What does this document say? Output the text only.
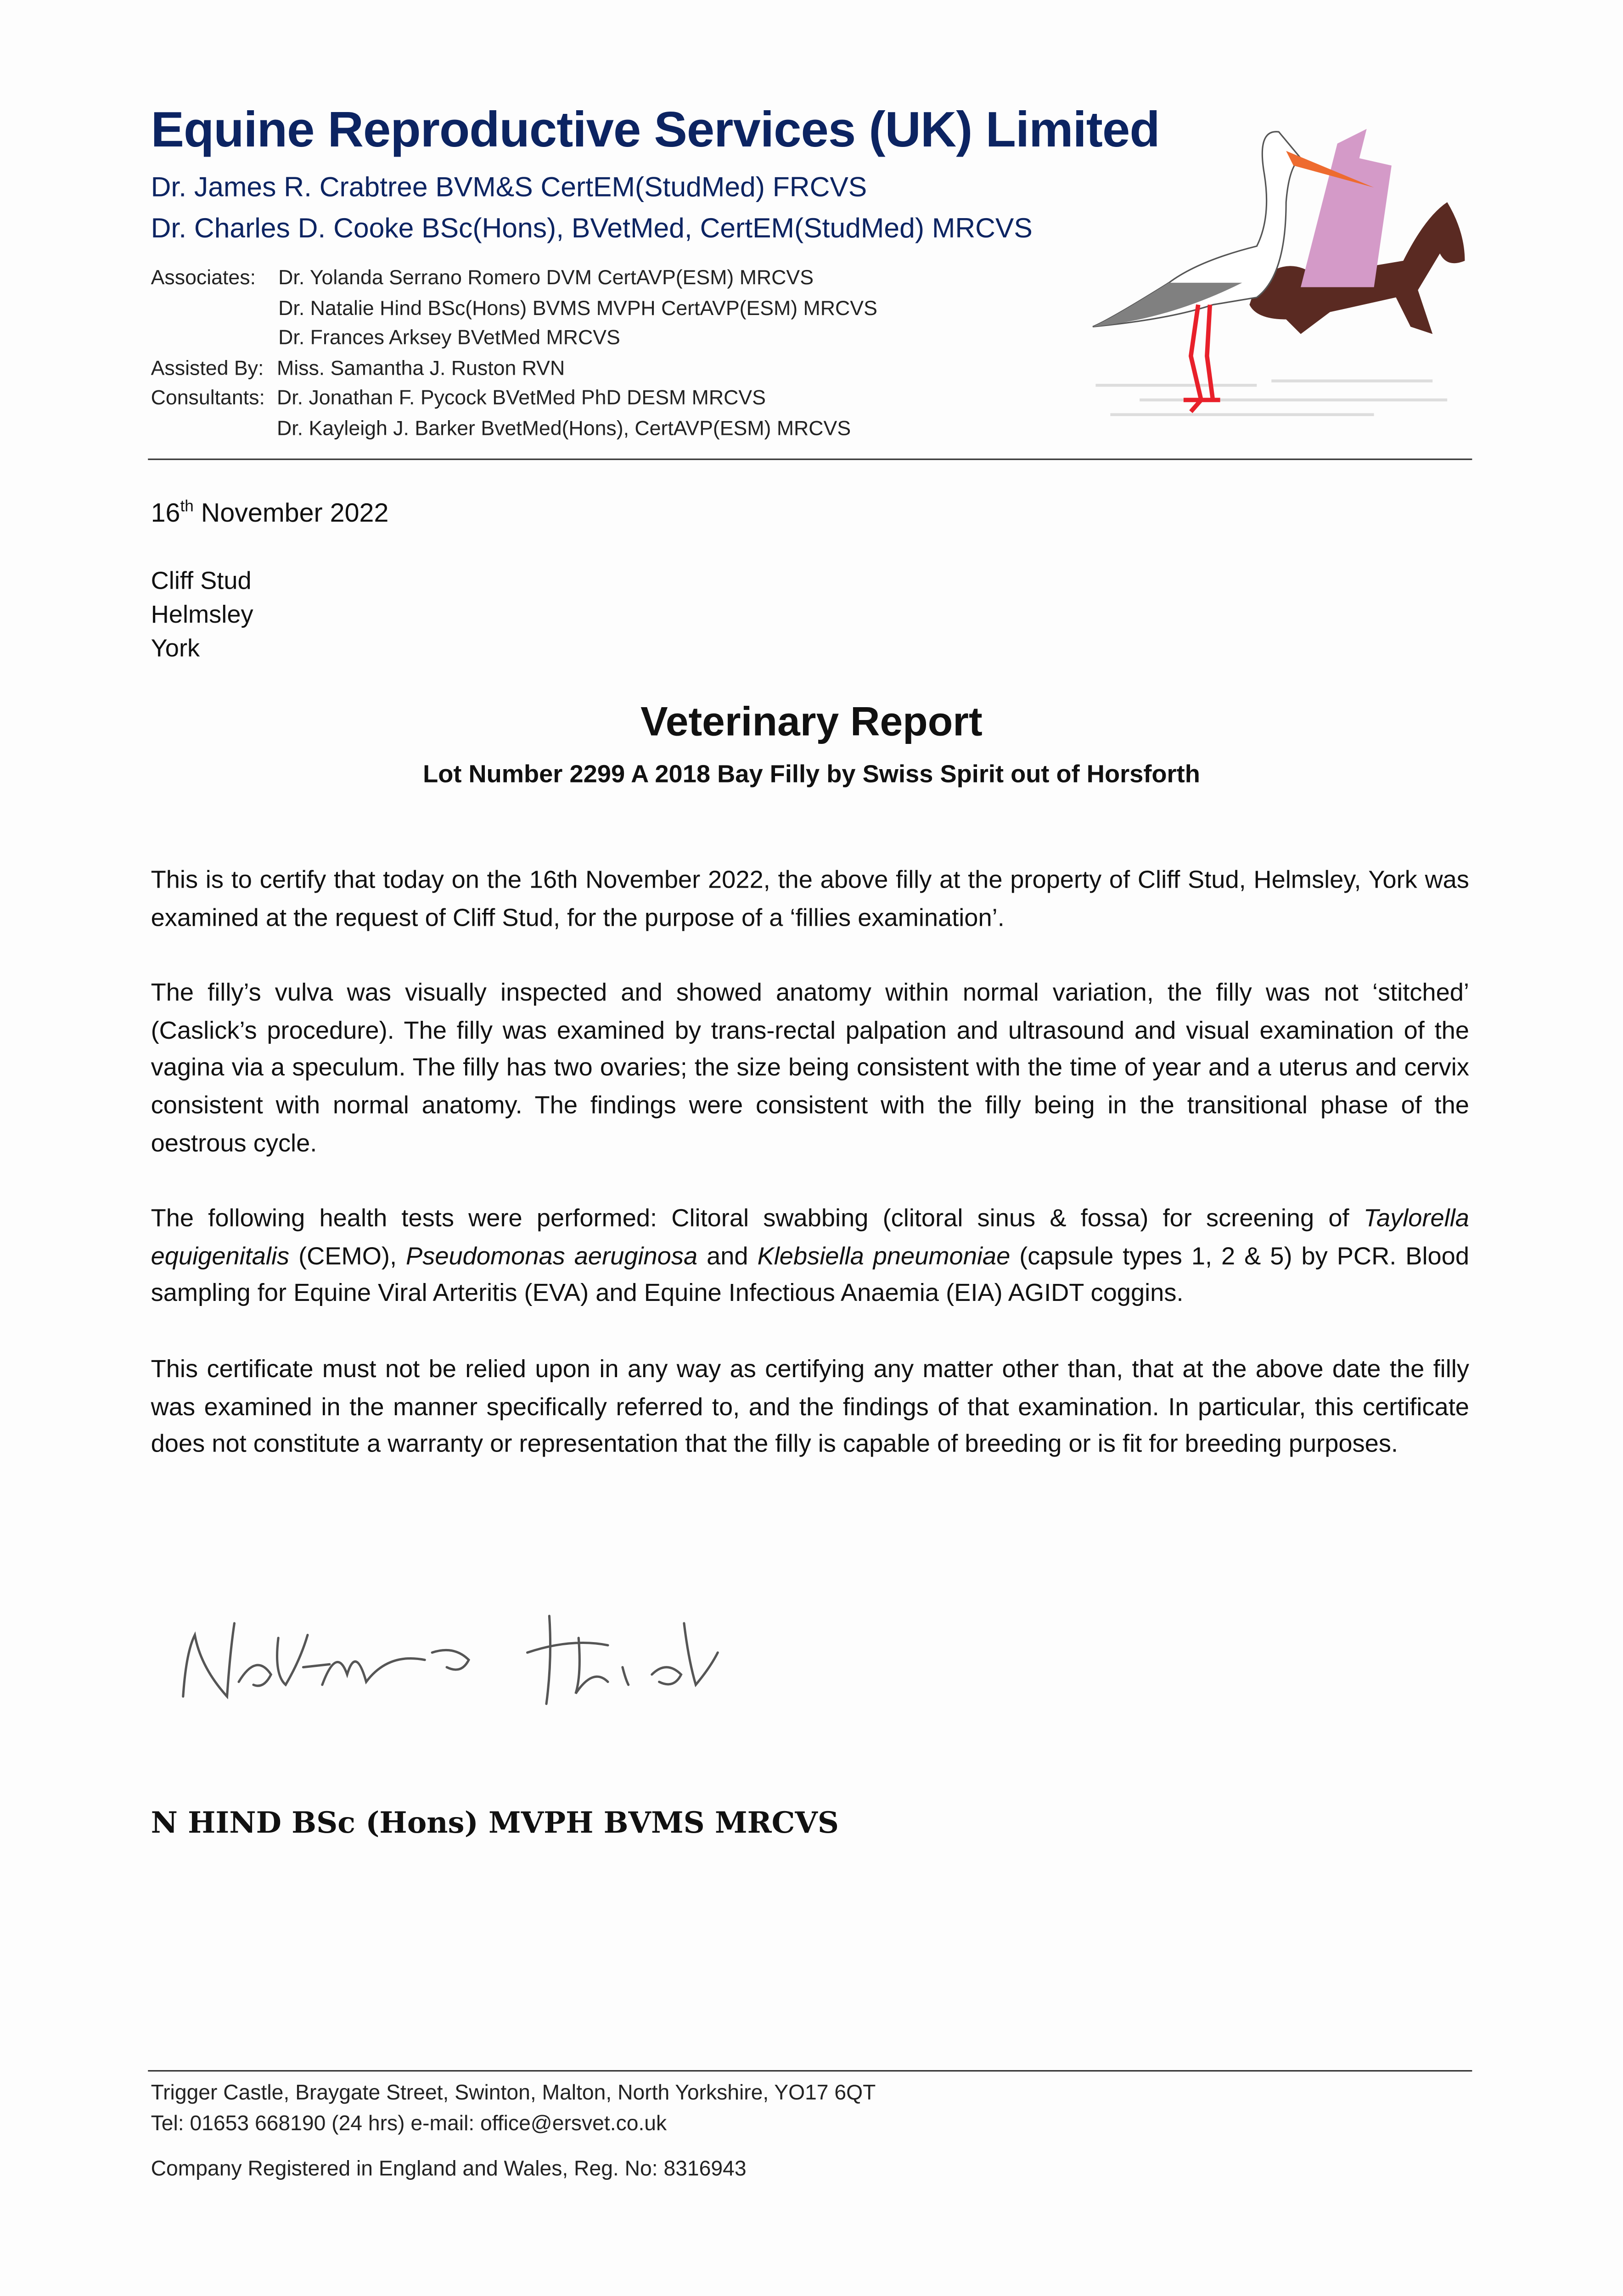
Equine Reproductive Services (UK) Limited
Dr. James R. Crabtree BVM&S CertEM(StudMed) FRCVS
Dr. Charles D. Cooke BSc(Hons), BVetMed, CertEM(StudMed) MRCVS
Associates:	Dr. Yolanda Serrano Romero DVM CertAVP(ESM) MRCVS
Dr. Natalie Hind BSc(Hons) BVMS MVPH CertAVP(ESM) MRCVS
Dr. Frances Arksey BVetMed MRCVS
Assisted By: Miss. Samantha J. Ruston RVN
Consultants: Dr. Jonathan F. Pycock BVetMed PhD DESM MRCVS
Dr. Kayleigh J. Barker BvetMed(Hons), CertAVP(ESM) MRCVS
16th November 2022
Cliff Stud
Helmsley
York
Veterinary Report
Lot Number 2299 A 2018 Bay Filly by Swiss Spirit out of Horsforth
This is to certify that today on the 16th November 2022, the above filly at the property of Cliff Stud, Helmsley, York was examined at the request of Cliff Stud, for the purpose of a ‘fillies examination’.
The filly’s vulva was visually inspected and showed anatomy within normal variation, the filly was not ‘stitched’ (Caslick’s procedure). The filly was examined by trans-rectal palpation and ultrasound and visual examination of the vagina via a speculum. The filly has two ovaries; the size being consistent with the time of year and a uterus and cervix consistent with normal anatomy. The findings were consistent with the filly being in the transitional phase of the oestrous cycle.
The following health tests were performed: Clitoral swabbing (clitoral sinus & fossa) for screening of Taylorella equigenitalis (CEMO), Pseudomonas aeruginosa and Klebsiella pneumoniae (capsule types 1, 2 & 5) by PCR. Blood sampling for Equine Viral Arteritis (EVA) and Equine Infectious Anaemia (EIA) AGIDT coggins.
This certificate must not be relied upon in any way as certifying any matter other than, that at the above date the filly was examined in the manner specifically referred to, and the findings of that examination. In particular, this certificate does not constitute a warranty or representation that the filly is capable of breeding or is fit for breeding purposes.
N HIND BSc (Hons) MVPH BVMS MRCVS
Trigger Castle, Braygate Street, Swinton, Malton, North Yorkshire, YO17 6QT
Tel: 01653 668190 (24 hrs) e-mail: office@ersvet.co.uk
Company Registered in England and Wales, Reg. No: 8316943
